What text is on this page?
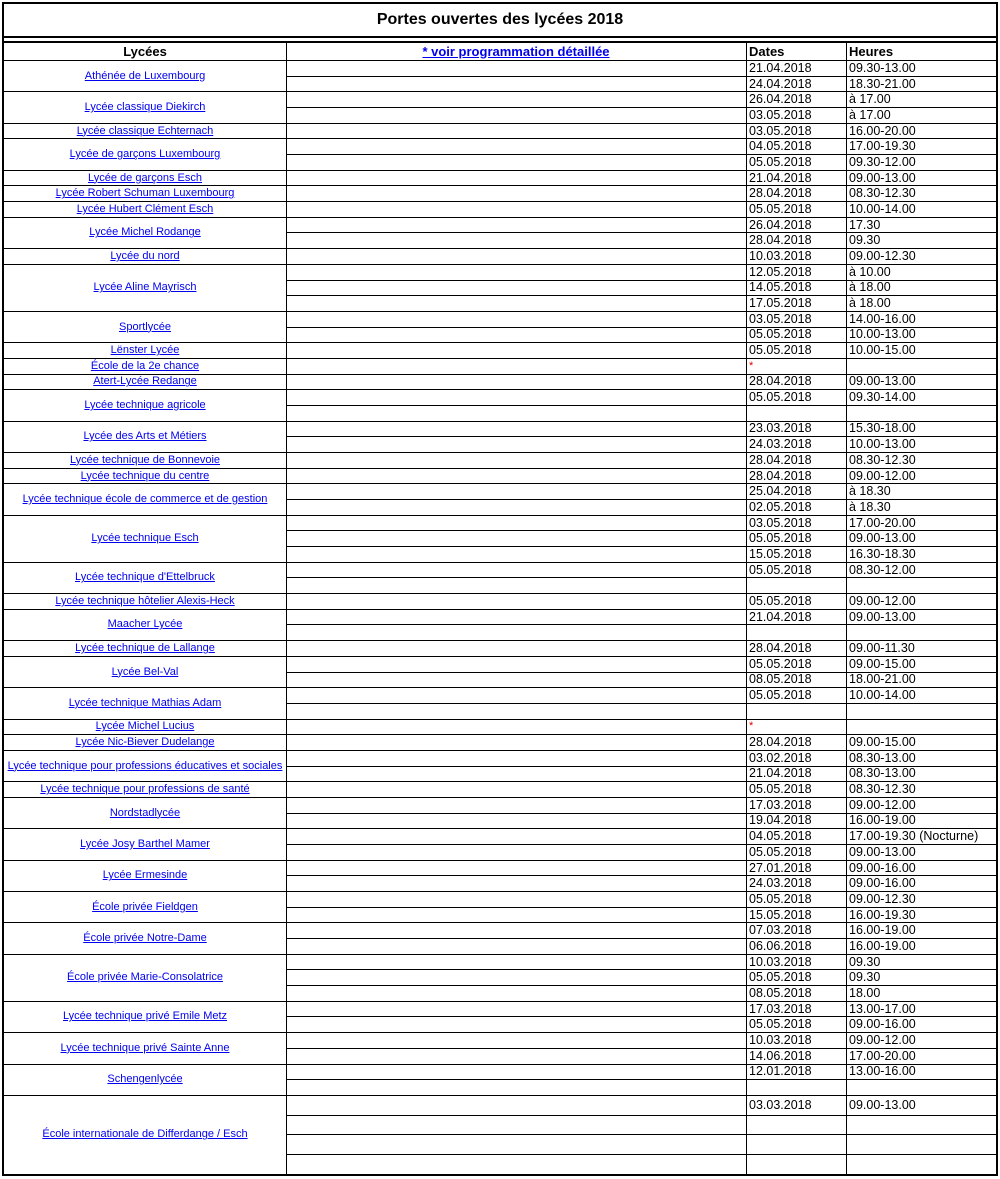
Portes ouvertes des lycées 2018
Lycées	* voir programmation détaillée	Dates	Heures
Athénée de Luxembourg
21.04.2018	09.30-13.00
24.04.2018	18.30-21.00
Lycée classique Diekirch
26.04.2018	à 17.00
03.05.2018	à 17.00
Lycée classique Echternach	03.05.2018	16.00-20.00
Lycée de garçons Luxembourg
04.05.2018	17.00-19.30
05.05.2018	09.30-12.00
Lycée de garçons Esch	21.04.2018	09.00-13.00
Lycée Robert Schuman Luxembourg	28.04.2018	08.30-12.30
Lycée Hubert Clément Esch	05.05.2018	10.00-14.00
Lycée Michel Rodange
26.04.2018	17.30
28.04.2018	09.30
Lycée du nord	10.03.2018	09.00-12.30
Lycée Aline Mayrisch
12.05.2018	à 10.00
14.05.2018	à 18.00
17.05.2018	à 18.00
Sportlycée
03.05.2018	14.00-16.00
05.05.2018	10.00-13.00
Lënster Lycée	05.05.2018	10.00-15.00
École de la 2e chance	*
Atert-Lycée Redange	28.04.2018	09.00-13.00
Lycée technique agricole
05.05.2018	09.30-14.00
Lycée des Arts et Métiers
23.03.2018	15.30-18.00
24.03.2018	10.00-13.00
Lycée technique de Bonnevoie	28.04.2018	08.30-12.30
Lycée technique du centre	28.04.2018	09.00-12.00
Lycée technique école de commerce et de gestion
25.04.2018	à 18.30
02.05.2018	à 18.30
Lycée technique Esch
03.05.2018	17.00-20.00
05.05.2018	09.00-13.00
15.05.2018	16.30-18.30
Lycée technique d'Ettelbruck
05.05.2018	08.30-12.00
Lycée technique hôtelier Alexis-Heck	05.05.2018	09.00-12.00
Maacher Lycée
21.04.2018	09.00-13.00
Lycée technique de Lallange	28.04.2018	09.00-11.30
Lycée Bel-Val
05.05.2018	09.00-15.00
08.05.2018	18.00-21.00
Lycée technique Mathias Adam
05.05.2018	10.00-14.00
Lycée Michel Lucius	*
Lycée Nic-Biever Dudelange	28.04.2018	09.00-15.00
Lycée technique pour professions éducatives et sociales
03.02.2018	08.30-13.00
21.04.2018	08.30-13.00
Lycée technique pour professions de santé	05.05.2018	08.30-12.30
Nordstadlycée
17.03.2018	09.00-12.00
19.04.2018	16.00-19.00
Lycée Josy Barthel Mamer
04.05.2018	17.00-19.30 (Nocturne)
05.05.2018	09.00-13.00
Lycée Ermesinde
27.01.2018	09.00-16.00
24.03.2018	09.00-16.00
École privée Fieldgen
05.05.2018	09.00-12.30
15.05.2018	16.00-19.30
École privée Notre-Dame
07.03.2018	16.00-19.00
06.06.2018	16.00-19.00
École privée Marie-Consolatrice
10.03.2018	09.30
05.05.2018	09.30
08.05.2018	18.00
Lycée technique privé Emile Metz
17.03.2018	13.00-17.00
05.05.2018	09.00-16.00
Lycée technique privé Sainte Anne
10.03.2018	09.00-12.00
14.06.2018	17.00-20.00
Schengenlycée
12.01.2018	13.00-16.00
École internationale de Differdange / Esch
03.03.2018	09.00-13.00
